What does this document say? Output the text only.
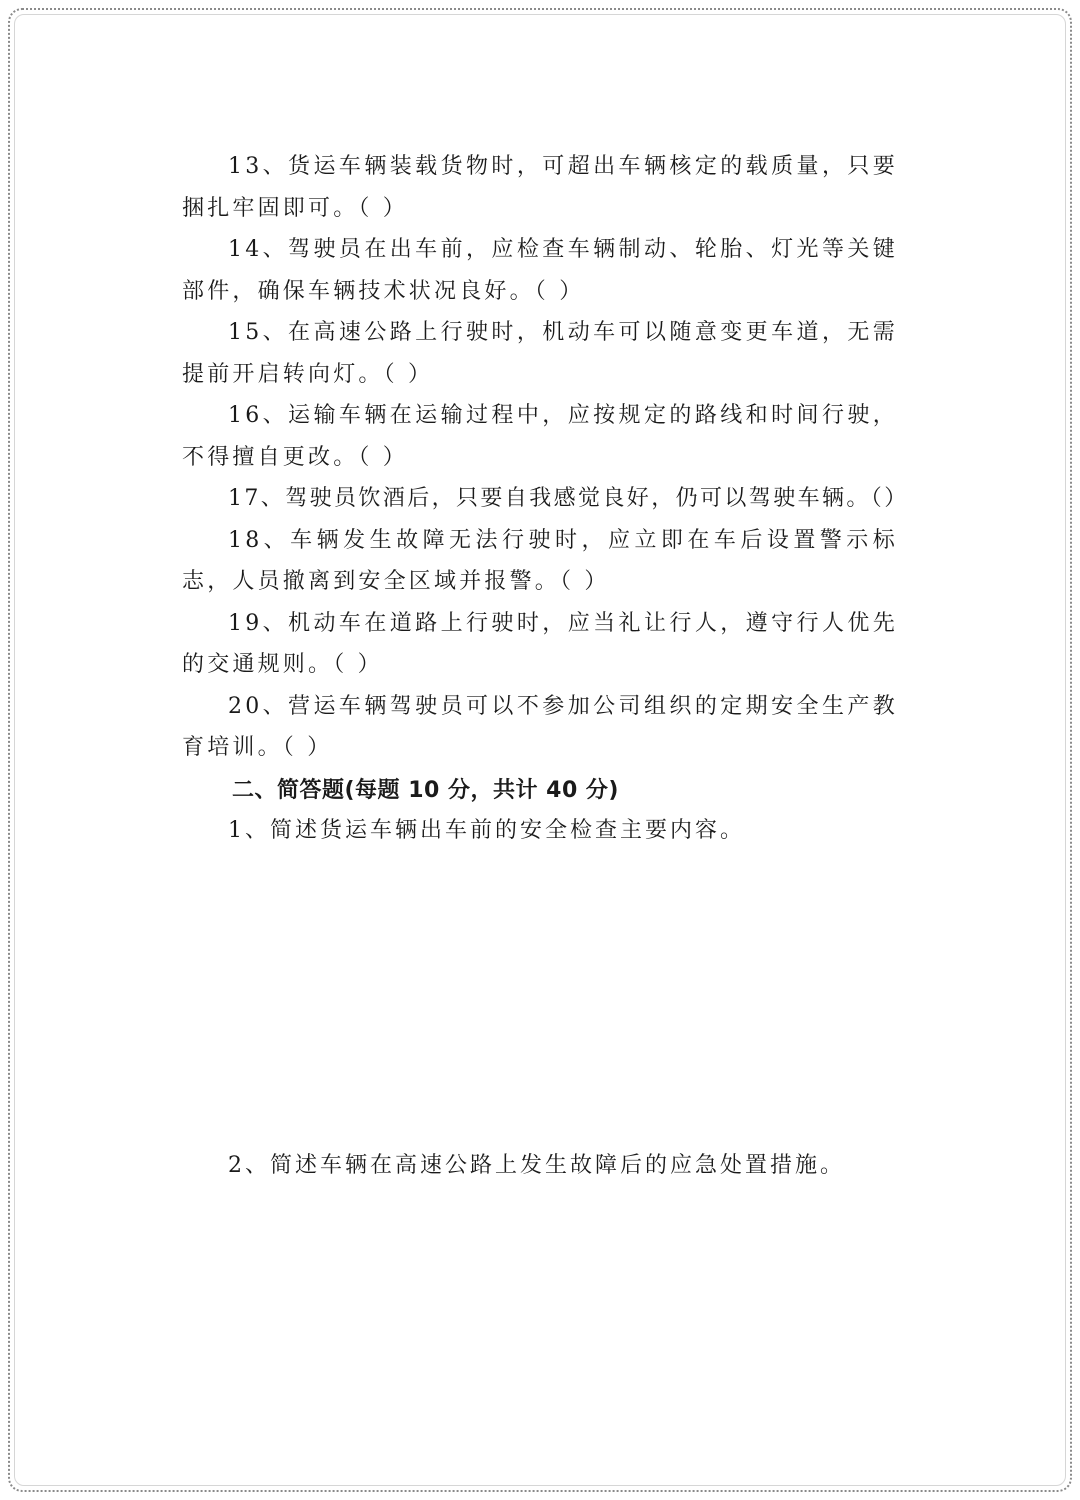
13、货运车辆装载货物时，可超出车辆核定的载质量，只要捆扎牢固即可。（ ）

14、驾驶员在出车前，应检查车辆制动、轮胎、灯光等关键部件，确保车辆技术状况良好。（ ）

15、在高速公路上行驶时，机动车可以随意变更车道，无需提前开启转向灯。（ ）

16、运输车辆在运输过程中，应按规定的路线和时间行驶，不得擅自更改。（ ）

17、驾驶员饮酒后，只要自我感觉良好，仍可以驾驶车辆。（）

18、车辆发生故障无法行驶时，应立即在车后设置警示标志，人员撤离到安全区域并报警。（ ）

19、机动车在道路上行驶时，应当礼让行人，遵守行人优先的交通规则。（ ）

20、营运车辆驾驶员可以不参加公司组织的定期安全生产教育培训。（ ）

二、简答题(每题 10 分，共计 40 分)

1、简述货运车辆出车前的安全检查主要内容。

2、简述车辆在高速公路上发生故障后的应急处置措施。
